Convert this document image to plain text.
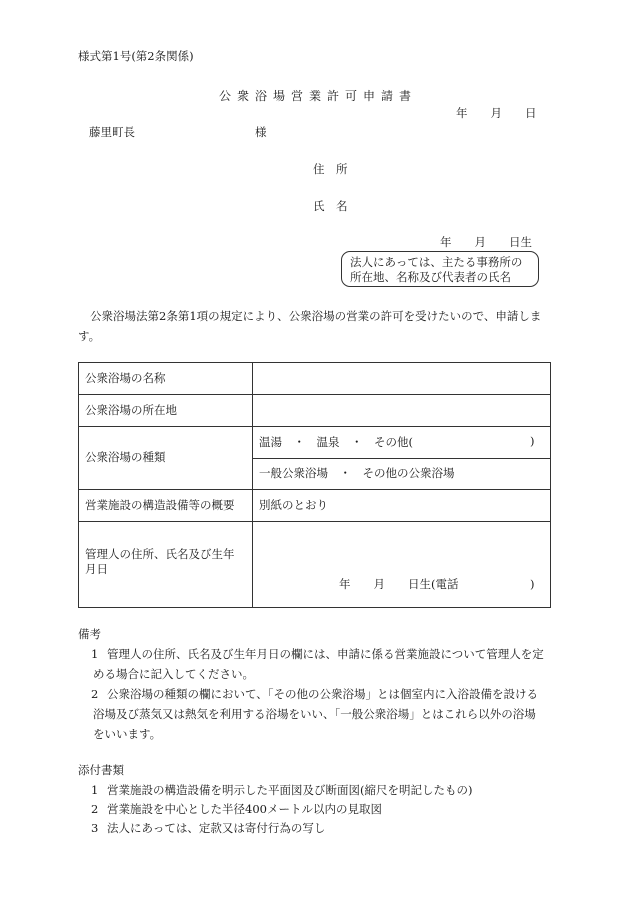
様式第1号(第2条関係)
公衆浴場営業許可申請書
年　　月　　日
藤里町長	様
住　所
氏　名
年　　月　　日生
法人にあっては、主たる事務所の
所在地、名称及び代表者の氏名
公衆浴場法第2条第1項の規定により、公衆浴場の営業の許可を受けたいので、申請しま
す。
公衆浴場の名称	
公衆浴場の所在地	
公衆浴場の種類	温湯　・　温泉　・　その他( )

	一般公衆浴場　・　その他の公衆浴場
営業施設の構造設備等の概要	別紙のとおり

管理人の住所、氏名及び生年月日	年　　月　　日生(電話 )
備考
1 管理人の住所、氏名及び生年月日の欄には、申請に係る営業施設について管理人を定
める場合に記入してください。
2 公衆浴場の種類の欄において、「その他の公衆浴場」とは個室内に入浴設備を設ける
浴場及び蒸気又は熱気を利用する浴場をいい、「一般公衆浴場」とはこれら以外の浴場
をいいます。
添付書類
1 営業施設の構造設備を明示した平面図及び断面図(縮尺を明記したもの)
2 営業施設を中心とした半径400メートル以内の見取図
3 法人にあっては、定款又は寄付行為の写し
